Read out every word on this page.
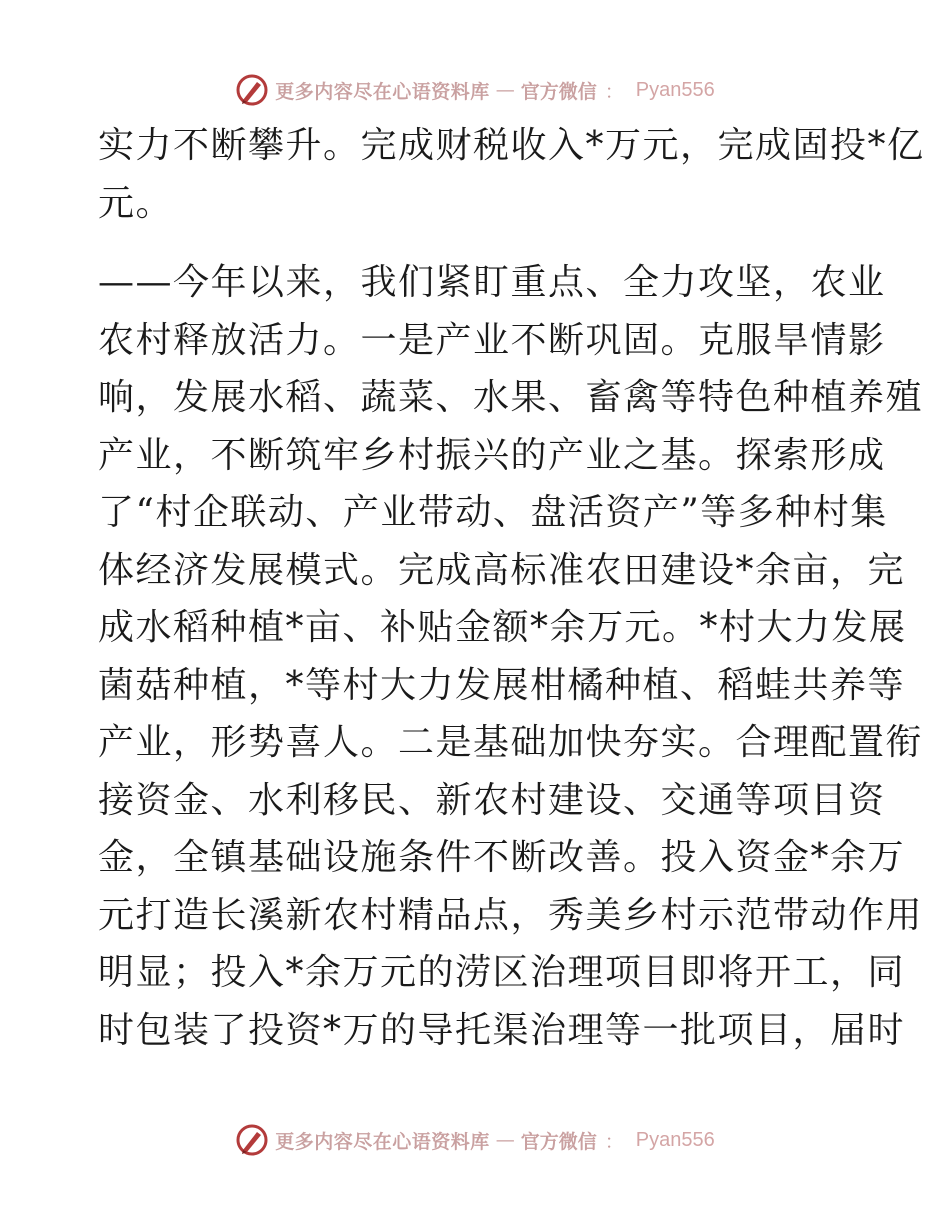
更多内容尽在心语资料库 — 官方微信 ： Pyan556
实力不断攀升。完成财税收入*万元，完成固投*亿
元。
——今年以来，我们紧盯重点、全力攻坚，农业
农村释放活力。一是产业不断巩固。克服旱情影
响，发展水稻、蔬菜、水果、畜禽等特色种植养殖
产业，不断筑牢乡村振兴的产业之基。探索形成
了“村企联动、产业带动、盘活资产”等多种村集
体经济发展模式。完成高标准农田建设*余亩，完
成水稻种植*亩、补贴金额*余万元。*村大力发展
菌菇种植，*等村大力发展柑橘种植、稻蛙共养等
产业，形势喜人。二是基础加快夯实。合理配置衔
接资金、水利移民、新农村建设、交通等项目资
金，全镇基础设施条件不断改善。投入资金*余万
元打造长溪新农村精品点，秀美乡村示范带动作用
明显；投入*余万元的涝区治理项目即将开工，同
时包装了投资*万的导托渠治理等一批项目，届时
更多内容尽在心语资料库 — 官方微信 ： Pyan556
